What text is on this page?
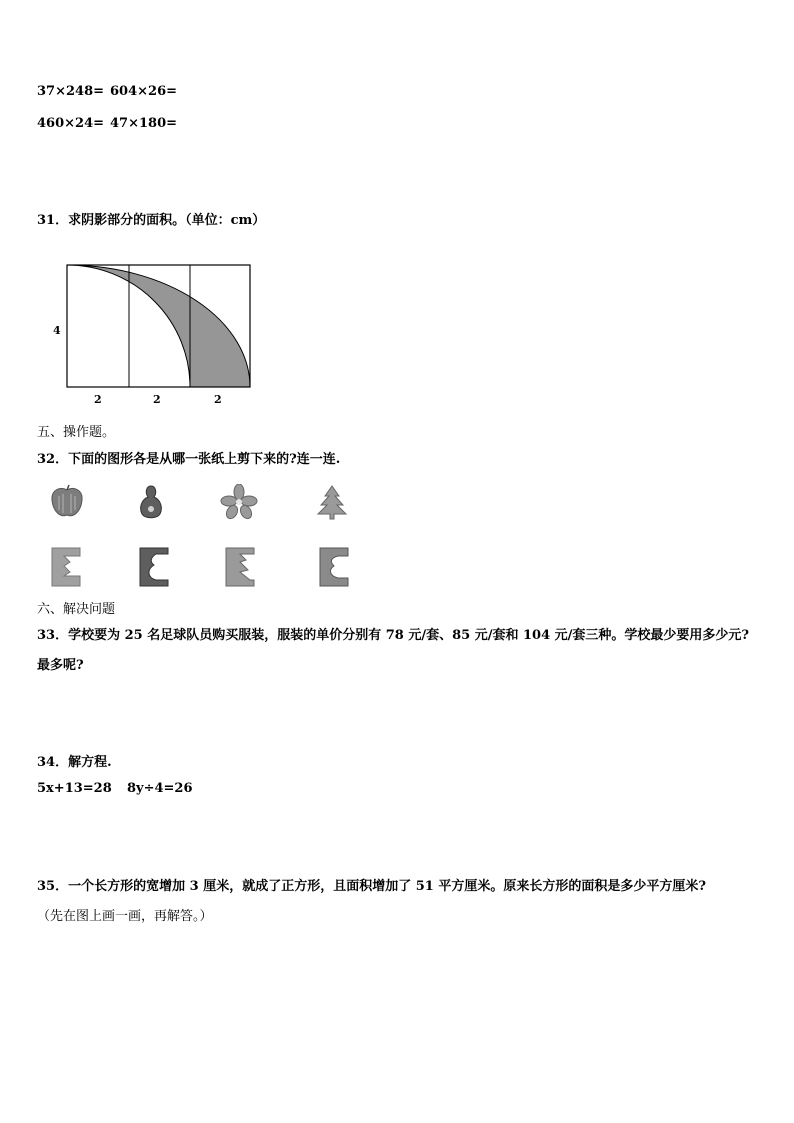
37×248= 604×26=
460×24= 47×180=
31．求阴影部分的面积。（单位：cm）
4
2	2	2
五、操作题。
32．下面的图形各是从哪一张纸上剪下来的?连一连.
六、解决问题
33．学校要为 25 名足球队员购买服装，服装的单价分别有 78 元/套、85 元/套和 104 元/套三种。学校最少要用多少元?
最多呢?
34．解方程.
5x+13=28 8y÷4=26
35．一个长方形的宽增加 3 厘米，就成了正方形，且面积增加了 51 平方厘米。原来长方形的面积是多少平方厘米?
（先在图上画一画，再解答。）
